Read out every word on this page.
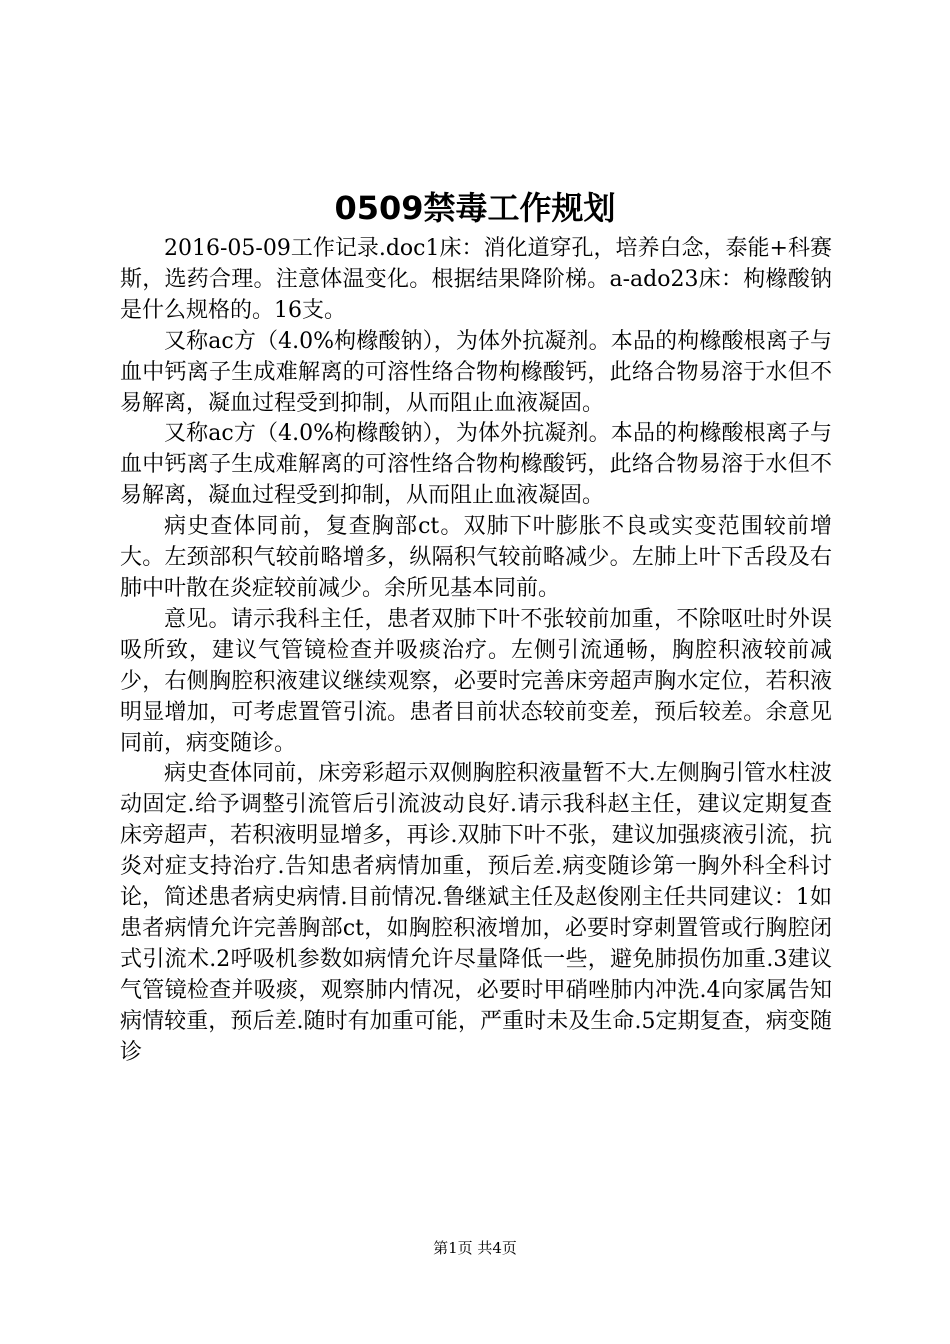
0509禁毒工作规划

2016-05-09工作记录.doc1床：消化道穿孔，培养白念，泰能+科赛斯，选药合理。注意体温变化。根据结果降阶梯。a-ado23床：枸橼酸钠是什么规格的。16支。

又称ac方（4.0%枸橼酸钠），为体外抗凝剂。本品的枸橼酸根离子与血中钙离子生成难解离的可溶性络合物枸橼酸钙，此络合物易溶于水但不易解离，凝血过程受到抑制，从而阻止血液凝固。

又称ac方（4.0%枸橼酸钠），为体外抗凝剂。本品的枸橼酸根离子与血中钙离子生成难解离的可溶性络合物枸橼酸钙，此络合物易溶于水但不易解离，凝血过程受到抑制，从而阻止血液凝固。

病史查体同前，复查胸部ct。双肺下叶膨胀不良或实变范围较前增大。左颈部积气较前略增多，纵隔积气较前略减少。左肺上叶下舌段及右肺中叶散在炎症较前减少。余所见基本同前。

意见。请示我科主任，患者双肺下叶不张较前加重，不除呕吐时外误吸所致，建议气管镜检查并吸痰治疗。左侧引流通畅，胸腔积液较前减少，右侧胸腔积液建议继续观察，必要时完善床旁超声胸水定位，若积液明显增加，可考虑置管引流。患者目前状态较前变差，预后较差。余意见同前，病变随诊。

病史查体同前，床旁彩超示双侧胸腔积液量暂不大.左侧胸引管水柱波动固定.给予调整引流管后引流波动良好.请示我科赵主任，建议定期复查床旁超声，若积液明显增多，再诊.双肺下叶不张，建议加强痰液引流，抗炎对症支持治疗.告知患者病情加重，预后差.病变随诊第一胸外科全科讨论，简述患者病史病情.目前情况.鲁继斌主任及赵俊刚主任共同建议：1如患者病情允许完善胸部ct，如胸腔积液增加，必要时穿刺置管或行胸腔闭式引流术.2呼吸机参数如病情允许尽量降低一些，避免肺损伤加重.3建议气管镜检查并吸痰，观察肺内情况，必要时甲硝唑肺内冲洗.4向家属告知病情较重，预后差.随时有加重可能，严重时未及生命.5定期复查，病变随诊

第1页 共4页
